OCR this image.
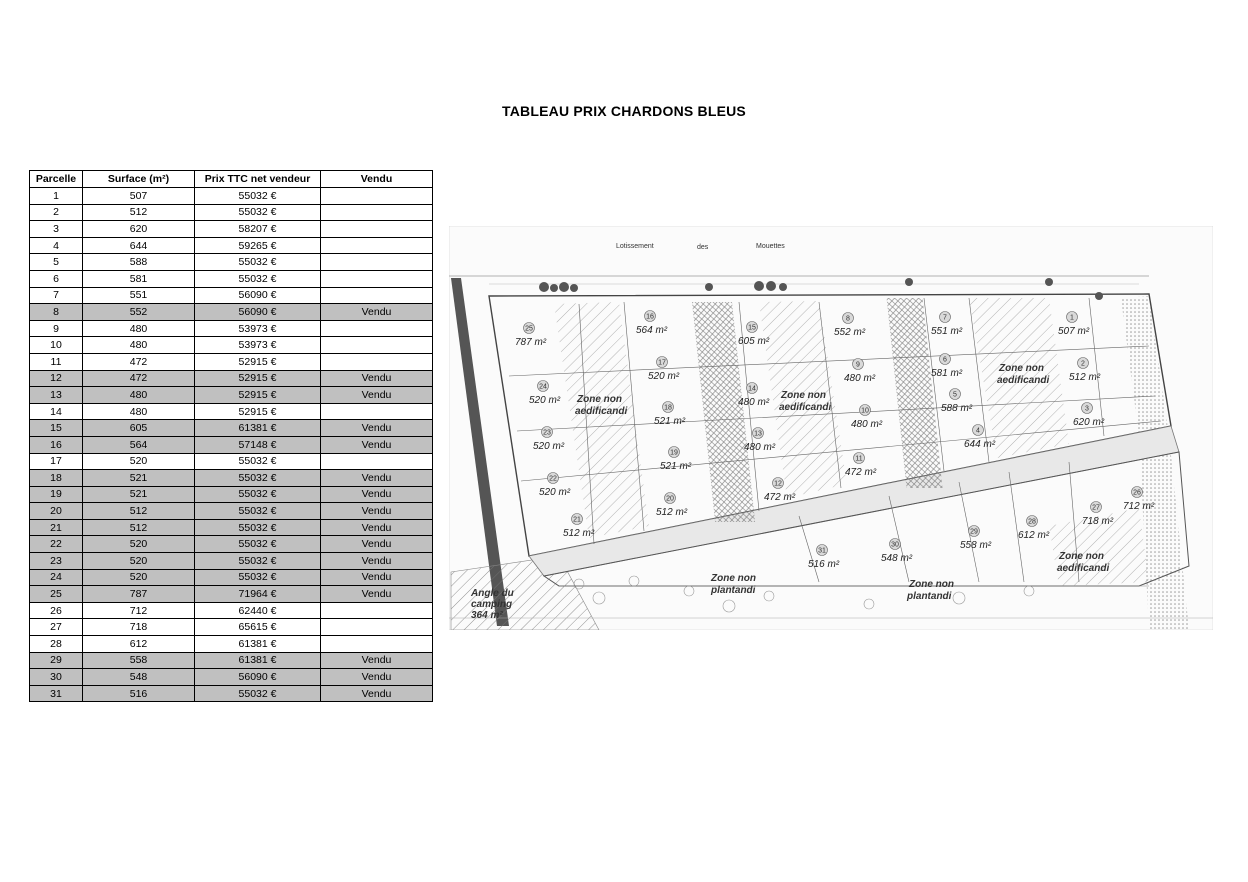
TABLEAU PRIX CHARDONS BLEUS
Parcelle	Surface (m²)	Prix TTC net vendeur	Vendu
1	507	55032 €	
2	512	55032 €	
3	620	58207 €	
4	644	59265 €	
5	588	55032 €	
6	581	55032 €	
7	551	56090 €	
8	552	56090 €	Vendu
9	480	53973 €	
10	480	53973 €	
11	472	52915 €	
12	472	52915 €	Vendu
13	480	52915 €	Vendu
14	480	52915 €	
15	605	61381 €	Vendu
16	564	57148 €	Vendu
17	520	55032 €	
18	521	55032 €	Vendu
19	521	55032 €	Vendu
20	512	55032 €	Vendu
21	512	55032 €	Vendu
22	520	55032 €	Vendu
23	520	55032 €	Vendu
24	520	55032 €	Vendu
25	787	71964 €	Vendu
26	712	62440 €	
27	718	65615 €	
28	612	61381 €	
29	558	61381 €	Vendu
30	548	56090 €	Vendu
31	516	55032 €	Vendu
Lotissement	des	Mouettes
Zone non
aedificandi
Zone non
aedificandi
Zone non
aedificandi
Zone non
aedificandi
Zone non
plantandi
Zone non
plantandi
Angle du
camping
364 m²
25
787 m²
24
520 m²
23
520 m²
22
520 m²
21
512 m²
16
564 m²
17
520 m²
18
521 m²
19
521 m²
20
512 m²
15
605 m²
14
480 m²
13
480 m²
12
472 m²
8
552 m²
9
480 m²
10
480 m²
11
472 m²
7
551 m²
6
581 m²
5
588 m²
4
644 m²
1
507 m²
2
512 m²
3
620 m²
31
516 m²
30
548 m²
29
558 m²
28
612 m²
27
718 m²
26
712 m²
